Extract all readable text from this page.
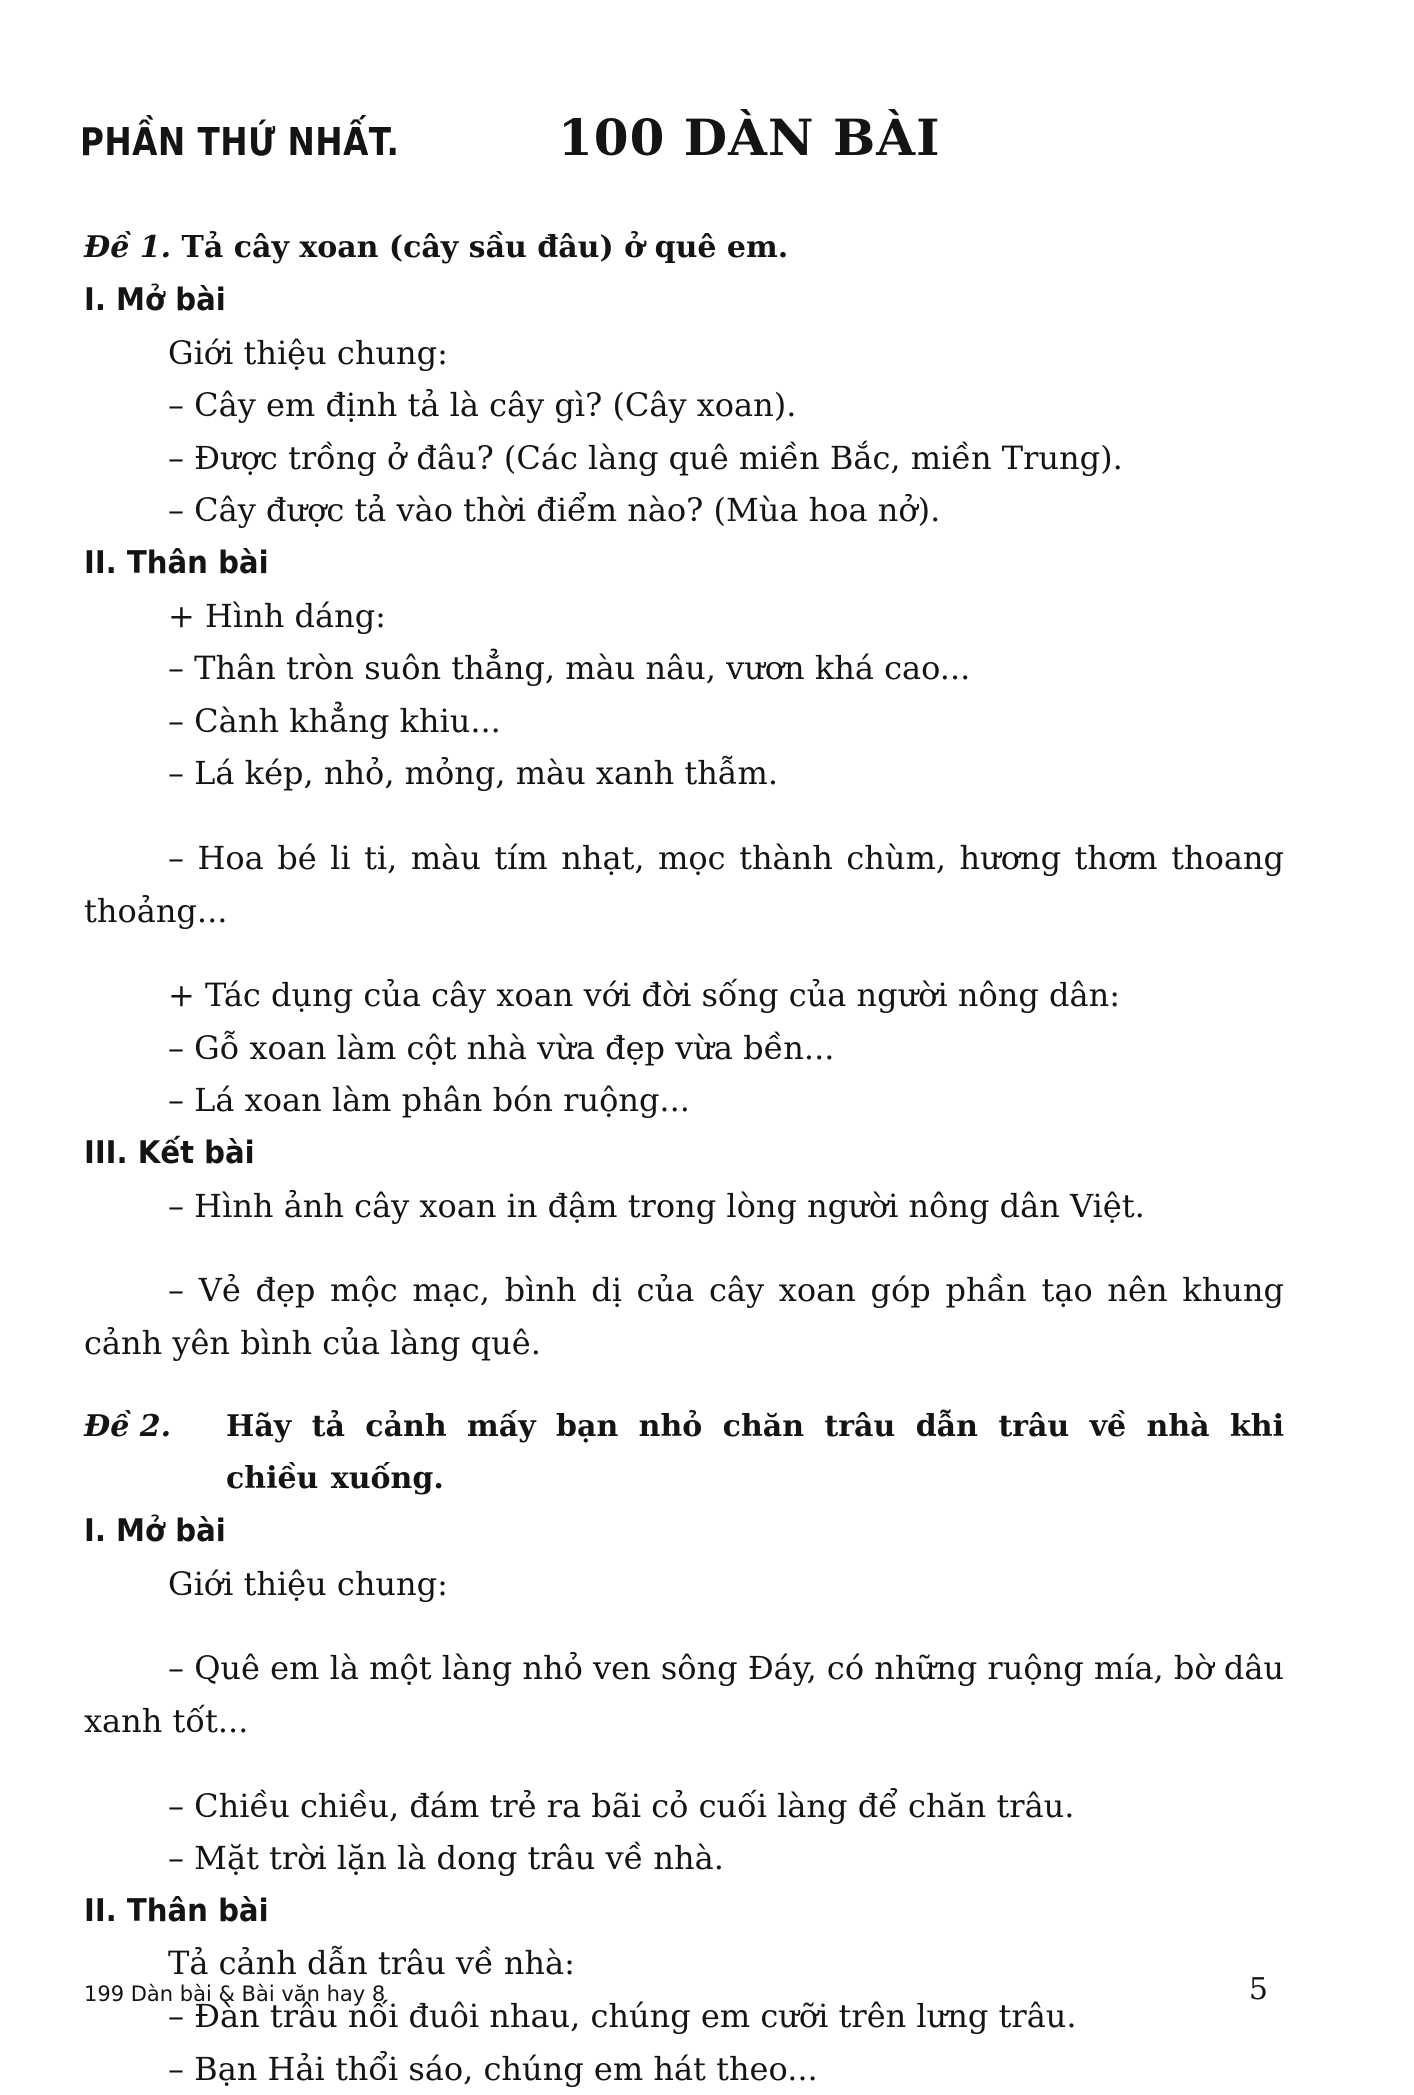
PHẦN THỨ NHẤT.	100 DÀN BÀI
Đề 1. Tả cây xoan (cây sầu đâu) ở quê em.
I. Mở bài

Giới thiệu chung:

– Cây em định tả là cây gì? (Cây xoan).

– Được trồng ở đâu? (Các làng quê miền Bắc, miền Trung).

– Cây được tả vào thời điểm nào? (Mùa hoa nở).

II. Thân bài

+ Hình dáng:

– Thân tròn suôn thẳng, màu nâu, vươn khá cao...

– Cành khẳng khiu...

– Lá kép, nhỏ, mỏng, màu xanh thẫm.

– Hoa bé li ti, màu tím nhạt, mọc thành chùm, hương thơm thoang thoảng...

+ Tác dụng của cây xoan với đời sống của người nông dân:

– Gỗ xoan làm cột nhà vừa đẹp vừa bền...

– Lá xoan làm phân bón ruộng...

III. Kết bài

– Hình ảnh cây xoan in đậm trong lòng người nông dân Việt.

– Vẻ đẹp mộc mạc, bình dị của cây xoan góp phần tạo nên khung cảnh yên bình của làng quê.

Đề 2.	Hãy tả cảnh mấy bạn nhỏ chăn trâu dẫn trâu về nhà khi chiều xuống.
I. Mở bài

Giới thiệu chung:

– Quê em là một làng nhỏ ven sông Đáy, có những ruộng mía, bờ dâu xanh tốt...

– Chiều chiều, đám trẻ ra bãi cỏ cuối làng để chăn trâu.

– Mặt trời lặn là dong trâu về nhà.

II. Thân bài

Tả cảnh dẫn trâu về nhà:

– Đàn trâu nối đuôi nhau, chúng em cưỡi trên lưng trâu.

– Bạn Hải thổi sáo, chúng em hát theo...

199 Dàn bài & Bài văn hay 8	5
